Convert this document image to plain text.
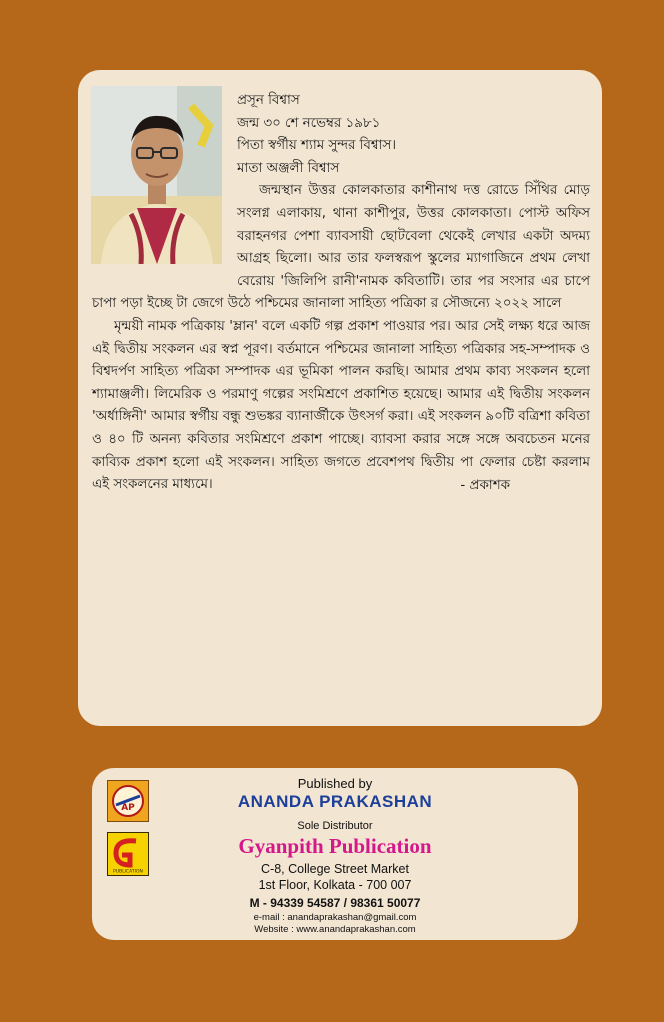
প্রসূন বিশ্বাস

জন্ম ৩০ শে নভেম্বর ১৯৮১

পিতা স্বর্গীয় শ্যাম সুন্দর বিশ্বাস।

মাতা অঞ্জলী বিশ্বাস

জন্মস্থান উত্তর কোলকাতার কাশীনাথ দত্ত রোডে সিঁথির মোড় সংলগ্ন এলাকায়, থানা কাশীপুর, উত্তর কোলকাতা। পোস্ট অফিস বরাহনগর পেশা ব্যাবসায়ী ছোটবেলা থেকেই লেখার একটা অদম্য আগ্রহ ছিলো। আর তার ফলস্বরূপ স্কুলের ম্যাগাজিনে প্রথম লেখা বেরোয় 'জিলিপি রানী'নামক কবিতাটি। তার পর সংসার এর চাপে চাপা পড়া ইচ্ছে টা জেগে উঠে পশ্চিমের জানালা সাহিত্য পত্রিকা র সৌজন্যে ২০২২ সালে

মৃন্ময়ী নামক পত্রিকায় 'ম্লান' বলে একটি গল্প প্রকাশ পাওয়ার পর। আর সেই লক্ষ্য ধরে আজ এই দ্বিতীয় সংকলন এর স্বপ্ন পূরণ। বর্তমানে পশ্চিমের জানালা সাহিত্য পত্রিকার সহ-সম্পাদক ও বিশ্বদর্পণ সাহিত্য পত্রিকা সম্পাদক এর ভূমিকা পালন করছি। আমার প্রথম কাব্য সংকলন হলো শ্যামাঞ্জলী। লিমেরিক ও পরমাণু গল্পের সংমিশ্রণে প্রকাশিত হয়েছে। আমার এই দ্বিতীয় সংকলন 'অর্ধাঙ্গিনী' আমার স্বর্গীয় বন্ধু শুভঙ্কর ব্যানার্জীকে উৎসর্গ করা। এই সংকলন ৯০টি বত্রিশা কবিতা ও ৪০ টি অনন্য কবিতার সংমিশ্রণে প্রকাশ পাচ্ছে। ব্যাবসা করার সঙ্গে সঙ্গে অবচেতন মনের কাব্যিক প্রকাশ হলো এই সংকলন। সাহিত্য জগতে প্রবেশপথ দ্বিতীয় পা ফেলার চেষ্টা করলাম এই সংকলনের মাধ্যমে।	- প্রকাশক

AP
PUBLICATION
Published by
ANANDA PRAKASHAN
Sole Distributor
Gyanpith Publication
C-8, College Street Market
1st Floor, Kolkata - 700 007
M - 94339 54587 / 98361 50077
e-mail : anandaprakashan@gmail.com
Website : www.anandaprakashan.com
